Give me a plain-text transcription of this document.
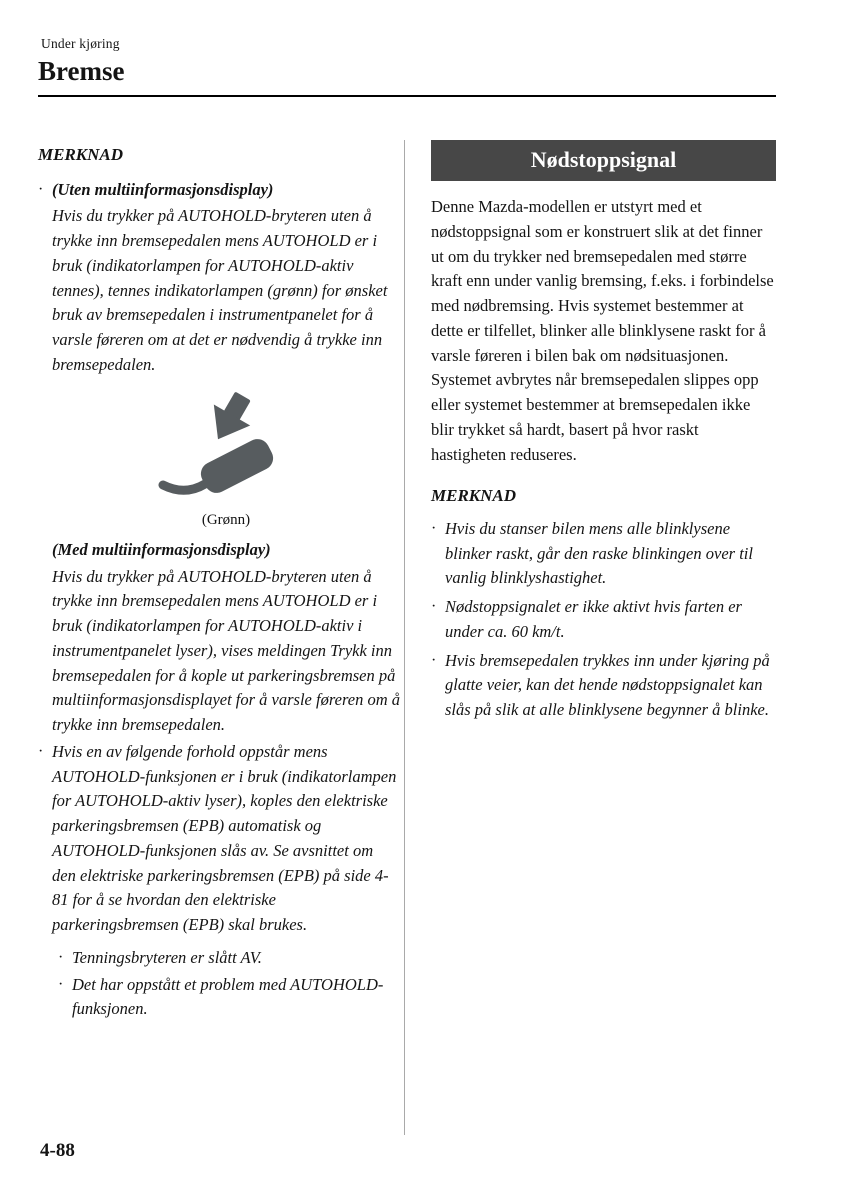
Under kjøring
Bremse
MERKNAD
· (Uten multiinformasjonsdisplay)
Hvis du trykker på AUTOHOLD-bryteren uten å trykke inn bremsepedalen mens AUTOHOLD er i bruk (indikatorlampen for AUTOHOLD-aktiv tennes), tennes indikatorlampen (grønn) for ønsket bruk av bremsepedalen i instrumentpanelet for å varsle føreren om at det er nødvendig å trykke inn bremsepedalen.
(Grønn)
(Med multiinformasjonsdisplay)
Hvis du trykker på AUTOHOLD-bryteren uten å trykke inn bremsepedalen mens AUTOHOLD er i bruk (indikatorlampen for AUTOHOLD-aktiv i instrumentpanelet lyser), vises meldingen Trykk inn bremsepedalen for å kople ut parkeringsbremsen på multiinformasjonsdisplayet for å varsle føreren om å trykke inn bremsepedalen.
· Hvis en av følgende forhold oppstår mens AUTOHOLD-funksjonen er i bruk (indikatorlampen for AUTOHOLD-aktiv lyser), koples den elektriske parkeringsbremsen (EPB) automatisk og AUTOHOLD-funksjonen slås av. Se avsnittet om den elektriske parkeringsbremsen (EPB) på side 4-81 for å se hvordan den elektriske parkeringsbremsen (EPB) skal brukes.
· Tenningsbryteren er slått AV.
· Det har oppstått et problem med AUTOHOLD-funksjonen.
Nødstoppsignal

Denne Mazda-modellen er utstyrt med et nødstoppsignal som er konstruert slik at det finner ut om du trykker ned bremsepedalen med større kraft enn under vanlig bremsing, f.eks. i forbindelse med nødbremsing. Hvis systemet bestemmer at dette er tilfellet, blinker alle blinklysene raskt for å varsle føreren i bilen bak om nødsituasjonen.

Systemet avbrytes når bremsepedalen slippes opp eller systemet bestemmer at bremsepedalen ikke blir trykket så hardt, basert på hvor raskt hastigheten reduseres.

MERKNAD
· Hvis du stanser bilen mens alle blinklysene blinker raskt, går den raske blinkingen over til vanlig blinklyshastighet.
· Nødstoppsignalet er ikke aktivt hvis farten er under ca. 60 km/t.
· Hvis bremsepedalen trykkes inn under kjøring på glatte veier, kan det hende nødstoppsignalet kan slås på slik at alle blinklysene begynner å blinke.
4-88
